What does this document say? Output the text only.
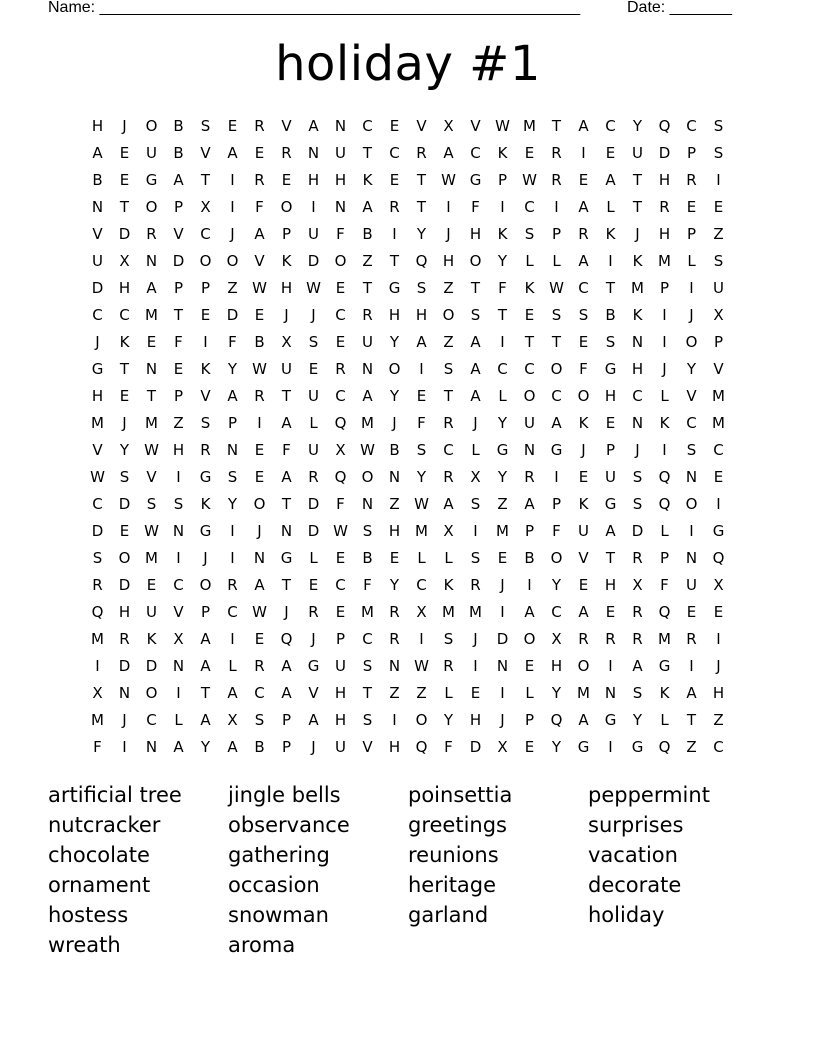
Name: ______________________________________________________	Date: _______
holiday #1
H	J	O	B	S	E	R	V	A	N	C	E	V	X	V W M	T	A	C	Y	Q	C	S
A	E	U	B	V	A	E	R	N	U	T	C	R	A	C	K	E	R	I	E	U	D	P	S
B	E	G	A	T	I	R	E	H	H	K	E	T	W G	P	W R	E	A	T	H	R	I
N	T	O	P	X	I	F	O	I	N	A	R	T	I	F	I	C	I	A	L	T	R	E	E
V	D	R	V	C	J	A	P	U	F	B	I	Y	J	H	K	S	P	R	K	J	H	P	Z
U	X	N	D	O	O	V	K	D	O	Z	T	Q	H	O	Y	L	L	A	I	K	M	L	S
D	H	A	P	P	Z W H W E	T	G	S	Z	T	F	K W C	T	M	P	I	U
C	C	M	T	E	D	E	J	J	C	R	H	H	O	S	T	E	S	S	B	K	I	J	X
J	K	E	F	I	F	B	X	S	E	U	Y	A	Z	A	I	T	T	E	S	N	I	O	P
G	T	N	E	K	Y	W U	E	R	N	O	I	S	A	C	C	O	F	G	H	J	Y	V
H	E	T	P	V	A	R	T	U	C	A	Y	E	T	A	L	O	C	O	H	C	L	V	M
M	J	M	Z	S	P	I	A	L	Q M	J	F	R	J	Y	U	A	K	E	N	K	C	M
V	Y	W H	R	N	E	F	U	X W B	S	C	L	G	N	G	J	P	J	I	S	C
W S	V	I	G	S	E	A	R	Q	O	N	Y	R	X	Y	R	I	E	U	S	Q	N	E
C	D	S	S	K	Y	O	T	D	F	N	Z W A	S	Z	A	P	K	G	S	Q	O	I
D	E W N	G	I	J	N	D W S	H M	X	I	M	P	F	U	A	D	L	I	G
S	O M	I	J	I	N	G	L	E	B	E	L	L	S	E	B	O	V	T	R	P	N	Q
R	D	E	C	O	R	A	T	E	C	F	Y	C	K	R	J	I	Y	E	H	X	F	U	X
Q	H	U	V	P	C W	J	R	E	M	R	X	M M	I	A	C	A	E	R	Q	E	E
M	R	K	X	A	I	E	Q	J	P	C	R	I	S	J	D	O	X	R	R	R	M	R	I
I	D	D	N	A	L	R	A	G	U	S	N W R	I	N	E	H	O	I	A	G	I	J
X	N	O	I	T	A	C	A	V	H	T	Z	Z	L	E	I	L	Y	M N	S	K	A	H
M	J	C	L	A	X	S	P	A	H	S	I	O	Y	H	J	P	Q	A	G	Y	L	T	Z
F	I	N	A	Y	A	B	P	J	U	V	H	Q	F	D	X	E	Y	G	I	G	Q	Z	C
artificial tree	jingle bells	poinsettia	peppermint
nutcracker	observance	greetings	surprises
chocolate	gathering	reunions	vacation
ornament	occasion	heritage	decorate
hostess	snowman	garland	holiday
wreath	aroma
